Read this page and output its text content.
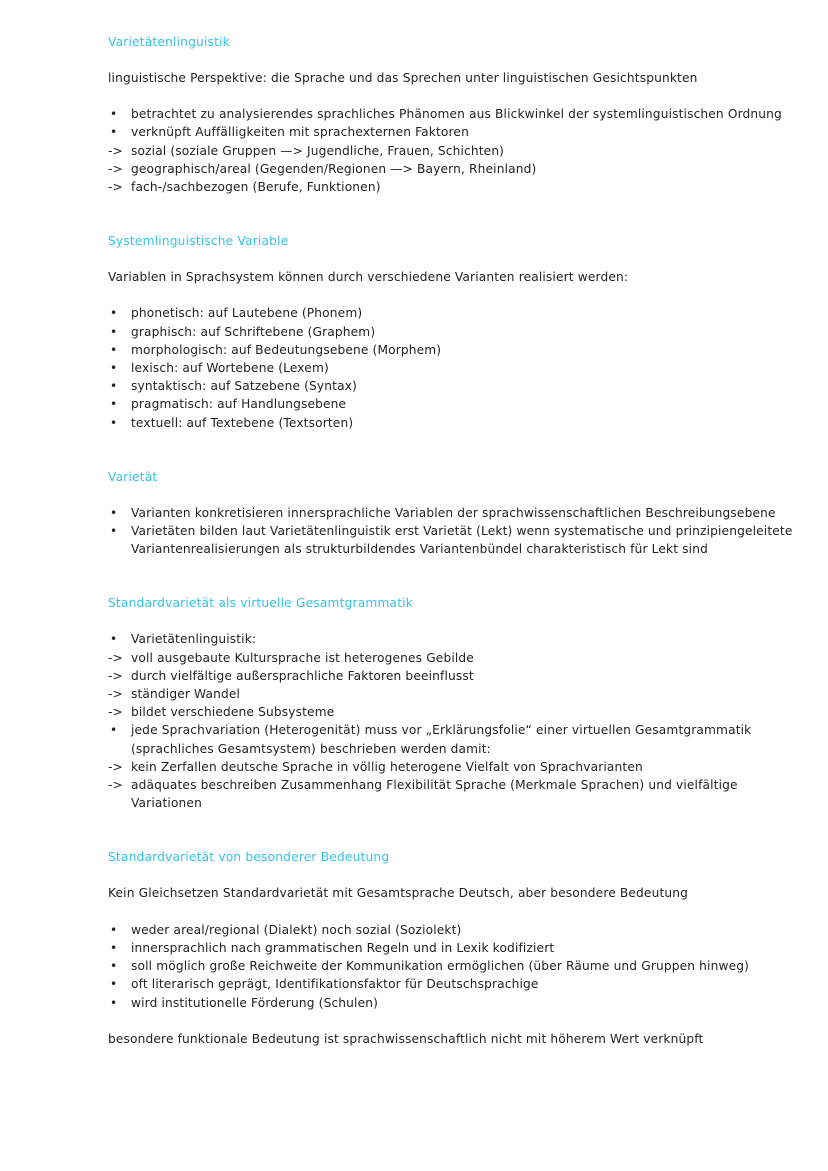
Varietätenlinguistik

linguistische Perspektive: die Sprache und das Sprechen unter linguistischen Gesichtspunkten

•	betrachtet zu analysierendes sprachliches Phänomen aus Blickwinkel der systemlinguistischen Ordnung
•	verknüpft Auffälligkeiten mit sprachexternen Faktoren
-> sozial (soziale Gruppen —> Jugendliche, Frauen, Schichten)
-> geographisch/areal (Gegenden/Regionen —> Bayern, Rheinland)
-> fach-/sachbezogen (Berufe, Funktionen)
Systemlinguistische Variable

Variablen in Sprachsystem können durch verschiedene Varianten realisiert werden:

•	phonetisch: auf Lautebene (Phonem)
•	graphisch: auf Schriftebene (Graphem)
•	morphologisch: auf Bedeutungsebene (Morphem)
•	lexisch: auf Wortebene (Lexem)
•	syntaktisch: auf Satzebene (Syntax)
•	pragmatisch: auf Handlungsebene
•	textuell: auf Textebene (Textsorten)
Varietät
•	Varianten konkretisieren innersprachliche Variablen der sprachwissenschaftlichen Beschreibungsebene
•	Varietäten bilden laut Varietätenlinguistik erst Varietät (Lekt) wenn systematische und prinzipiengeleitete Variantenrealisierungen als strukturbildendes Variantenbündel charakteristisch für Lekt sind
Standardvarietät als virtuelle Gesamtgrammatik
•	Varietätenlinguistik:
-> voll ausgebaute Kultursprache ist heterogenes Gebilde
-> durch vielfältige außersprachliche Faktoren beeinflusst
-> ständiger Wandel
-> bildet verschiedene Subsysteme
•	jede Sprachvariation (Heterogenität) muss vor „Erklärungsfolie“ einer virtuellen Gesamtgrammatik (sprachliches Gesamtsystem) beschrieben werden damit:
-> kein Zerfallen deutsche Sprache in völlig heterogene Vielfalt von Sprachvarianten
-> adäquates beschreiben Zusammenhang Flexibilität Sprache (Merkmale Sprachen) und vielfältige Variationen
Standardvarietät von besonderer Bedeutung

Kein Gleichsetzen Standardvarietät mit Gesamtsprache Deutsch, aber besondere Bedeutung

•	weder areal/regional (Dialekt) noch sozial (Soziolekt)
•	innersprachlich nach grammatischen Regeln und in Lexik kodifiziert
•	soll möglich große Reichweite der Kommunikation ermöglichen (über Räume und Gruppen hinweg)
•	oft literarisch geprägt, Identifikationsfaktor für Deutschsprachige
•	wird institutionelle Förderung (Schulen)

besondere funktionale Bedeutung ist sprachwissenschaftlich nicht mit höherem Wert verknüpft
